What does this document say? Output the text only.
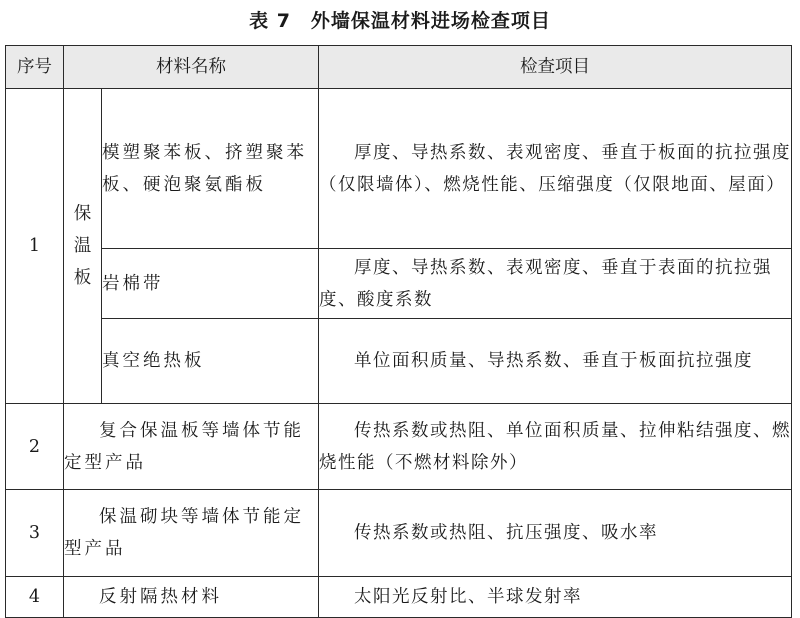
表 7　外墙保温材料进场检查项目
序号	材料名称		检查项目
1	保温板	模塑聚苯板、挤塑聚苯板、硬泡聚氨酯板	厚度、导热系数、表观密度、垂直于板面的抗拉强度（仅限墙体）、燃烧性能、压缩强度（仅限地面、屋面）
		岩棉带	厚度、导热系数、表观密度、垂直于表面的抗拉强度、酸度系数
		真空绝热板	单位面积质量、导热系数、垂直于板面抗拉强度
2	复合保温板等墙体节能定型产品		传热系数或热阻、单位面积质量、拉伸粘结强度、燃烧性能（不燃材料除外）
3	保温砌块等墙体节能定型产品		传热系数或热阻、抗压强度、吸水率
4	反射隔热材料		太阳光反射比、半球发射率
